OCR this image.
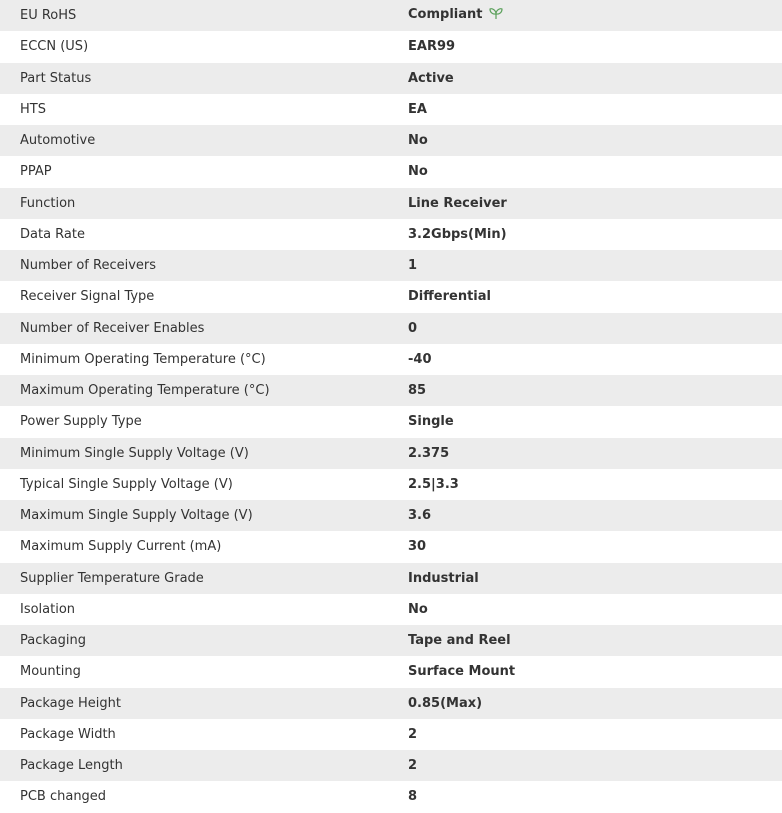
EU RoHS	Compliant
ECCN (US)	EAR99
Part Status	Active
HTS	EA
Automotive	No
PPAP	No
Function	Line Receiver
Data Rate	3.2Gbps(Min)
Number of Receivers	1
Receiver Signal Type	Differential
Number of Receiver Enables	0
Minimum Operating Temperature (°C)	-40
Maximum Operating Temperature (°C)	85
Power Supply Type	Single
Minimum Single Supply Voltage (V)	2.375
Typical Single Supply Voltage (V)	2.5|3.3
Maximum Single Supply Voltage (V)	3.6
Maximum Supply Current (mA)	30
Supplier Temperature Grade	Industrial
Isolation	No
Packaging	Tape and Reel
Mounting	Surface Mount
Package Height	0.85(Max)
Package Width	2
Package Length	2
PCB changed	8
